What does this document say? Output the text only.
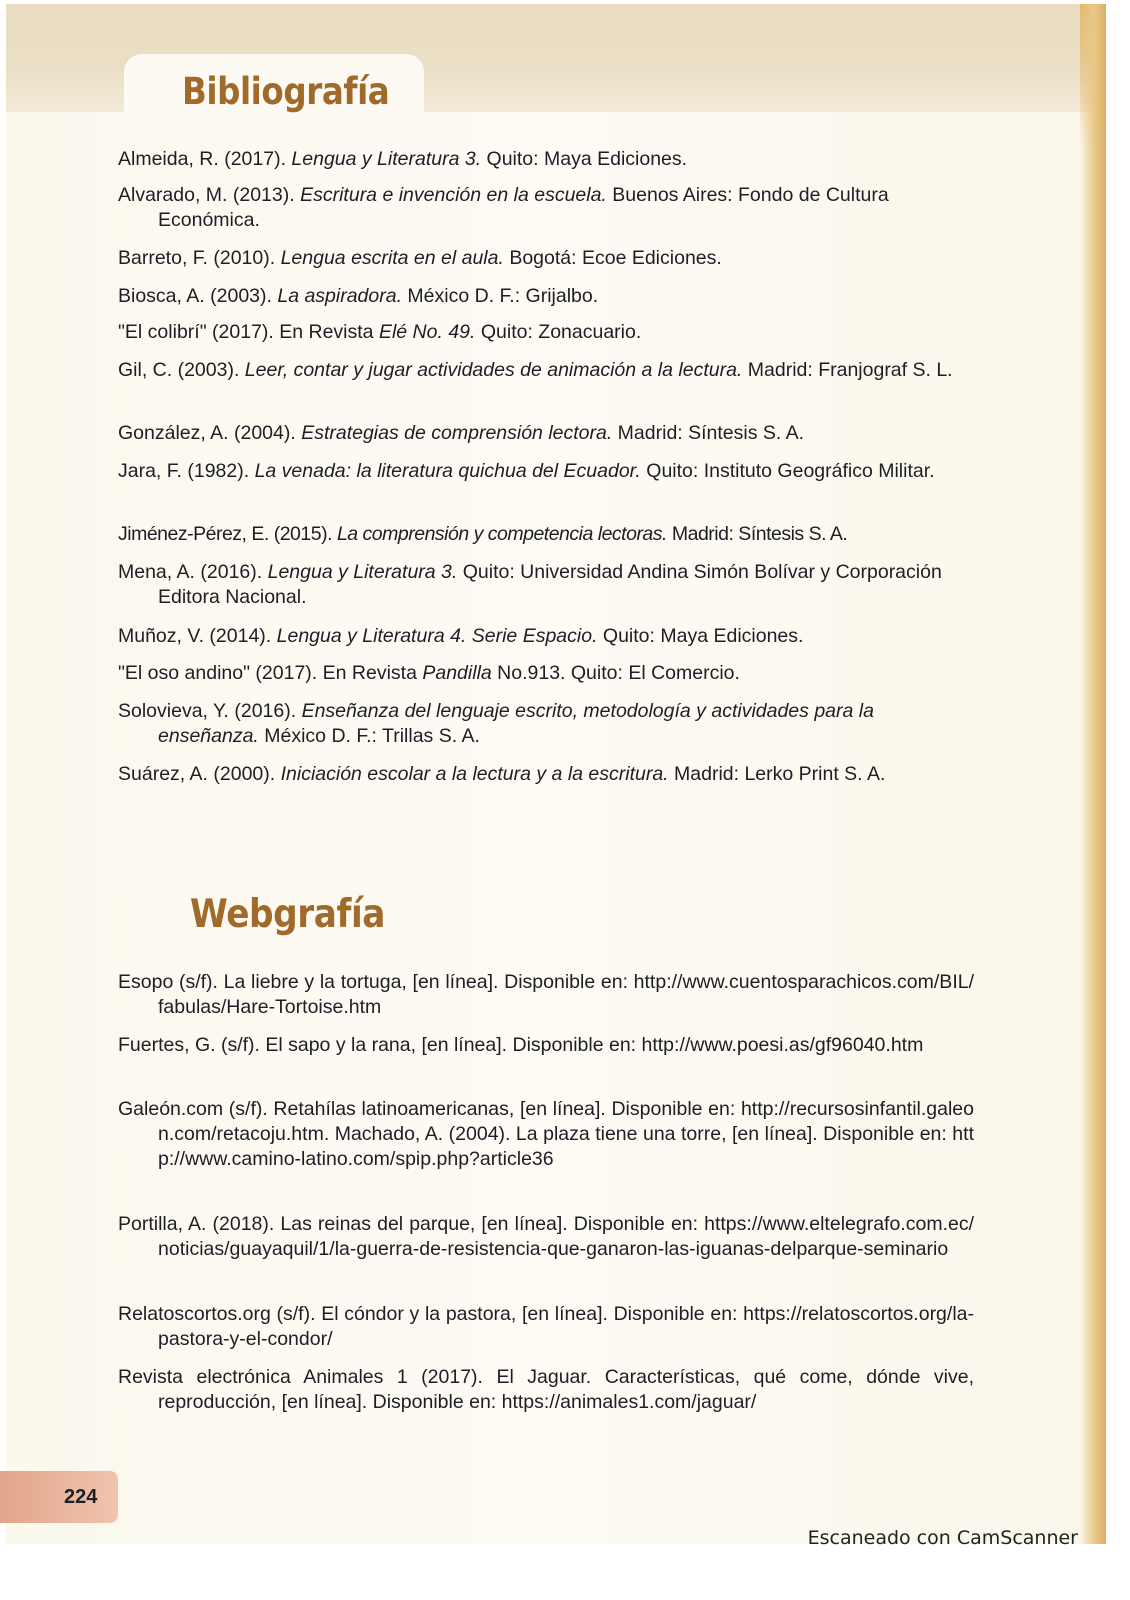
Bibliografía

Almeida, R. (2017). Lengua y Literatura 3. Quito: Maya Ediciones.

Alvarado, M. (2013). Escritura e invención en la escuela. Buenos Aires: Fondo de Cultura Económica.

Barreto, F. (2010). Lengua escrita en el aula. Bogotá: Ecoe Ediciones.

Biosca, A. (2003). La aspiradora. México D. F.: Grijalbo.

"El colibrí" (2017). En Revista Elé No. 49. Quito: Zonacuario.

Gil, C. (2003). Leer, contar y jugar actividades de animación a la lectura. Madrid: Franjograf S. L.

González, A. (2004). Estrategias de comprensión lectora. Madrid: Síntesis S. A.

Jara, F. (1982). La venada: la literatura quichua del Ecuador. Quito: Instituto Geográfico Militar.

Jiménez-Pérez, E. (2015). La comprensión y competencia lectoras. Madrid: Síntesis S. A.

Mena, A. (2016). Lengua y Literatura 3. Quito: Universidad Andina Simón Bolívar y Corporación Editora Nacional.

Muñoz, V. (2014). Lengua y Literatura 4. Serie Espacio. Quito: Maya Ediciones.

"El oso andino" (2017). En Revista Pandilla No.913. Quito: El Comercio.

Solovieva, Y. (2016). Enseñanza del lenguaje escrito, metodología y actividades para la enseñanza. México D. F.: Trillas S. A.

Suárez, A. (2000). Iniciación escolar a la lectura y a la escritura. Madrid: Lerko Print S. A.

Webgrafía

Esopo (s/f). La liebre y la tortuga, [en línea]. Disponible en: http://www.cuentosparachicos.com/BIL/fabulas/Hare-Tortoise.htm

Fuertes, G. (s/f). El sapo y la rana, [en línea]. Disponible en: http://www.poesi.as/gf96040.htm

Galeón.com (s/f). Retahílas latinoamericanas, [en línea]. Disponible en: http://recursosinfantil.galeon.com/retacoju.htm. Machado, A. (2004). La plaza tiene una torre, [en línea]. Disponible en: http://www.camino-latino.com/spip.php?article36

Portilla, A. (2018). Las reinas del parque, [en línea]. Disponible en: https://www.eltelegrafo.com.ec/noticias/guayaquil/1/la-guerra-de-resistencia-que-ganaron-las-iguanas-delparque-seminario

Relatoscortos.org (s/f). El cóndor y la pastora, [en línea]. Disponible en: https://relatoscortos.org/la-pastora-y-el-condor/

Revista electrónica Animales 1 (2017). El Jaguar. Características, qué come, dónde vive, reproducción, [en línea]. Disponible en: https://animales1.com/jaguar/

224
Escaneado con CamScanner
